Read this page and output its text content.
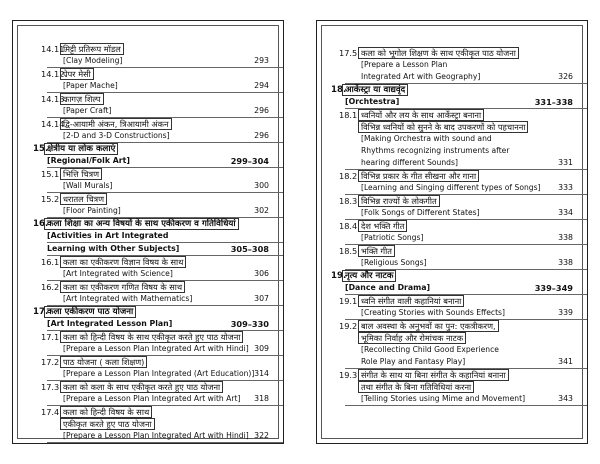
14.11.
मिट्टी प्रतिरूप मॉडल
[Clay Modeling]	293
14.12.
पेपर मेसी
[Paper Mache]	294
14.13.
कागज़ शिल्प
[Paper Craft]	296
14.14.
द्वि-आयामी अंकन, त्रिआयामी अंकन
[2-D and 3-D Constructions]	296
15.
क्षेत्रीय या लोक कलाएं
[Regional/Folk Art]	299–304
15.1. भित्ति चित्रण
[Wall Murals]	300
15.2. धरातल चित्रण
[Floor Painting]	302
16.
कला शिक्षा का अन्य विषयों के साथ एकीकरण व गतिविधियां
[Activities in Art Integrated
Learning with Other Subjects]	305–308
16.1. कला का एकीकरण विज्ञान विषय के साथ
[Art Integrated with Science]	306
16.2. कला का एकीकरण गणित विषय के साथ
[Art Integrated with Mathematics]	307
17.
कला एकीकरण पाठ योजना
[Art Integrated Lesson Plan]	309–330
17.1. कला को हिन्दी विषय के साथ एकीकृत करते हुए पाठ योजना
[Prepare a Lesson Plan Integrated Art with Hindi] 309
17.2. पाठ योजना ( कला शिक्षण)
[Prepare a Lesson Plan Integrated (Art Education)] 314
17.3. कला को कला के साथ एकीकृत करते हुए पाठ योजना
[Prepare a Lesson Plan Integrated Art with Art] 318
17.4. कला को हिन्दी विषय के साथ
एकीकृत करते हुए पाठ योजना
[Prepare a Lesson Plan Integrated Art with Hindi] 322
17.5. कला को भूगोल शिक्षण के साथ एकीकृत पाठ योजना
[Prepare a Lesson Plan
Integrated Art with Geography]	326
18.
आर्केस्ट्रा या वाद्यवृंद
[Orchtestra]	331–338
18.1. ध्वनियों और लय के साथ आर्केस्ट्रा बनाना
विभिन्न ध्वनियों को सुनने के बाद उपकरणों को पहचानना
[Making Orchestra with sound and
Rhythms recognizing instruments after
hearing different Sounds]	331
18.2. विभिन्न प्रकार के गीत सीखना और गाना
[Learning and Singing different types of Songs] 333
18.3. विभिन्न राज्यों के लोकगीत
[Folk Songs of Different States]	334
18.4. देश भक्ति गीत
[Patriotic Songs]	338
18.5. भक्ति गीत
[Religious Songs]	338
19.
नृत्य और नाटक
[Dance and Drama]	339–349
19.1. ध्वनि संगीत वाली कहानियां बनाना
[Creating Stories with Sounds Effects]	339
19.2. बाल अवस्था के अनुभवों का पुन: एकत्रीकरण,
भूमिका निर्वाह और रोमांचक नाटक
[Recollecting Child Good Experience
Role Play and Fantasy Play]	341
19.3. संगीत के साथ या बिना संगीत के कहानियां बनाना
तथा संगीत के बिना गतिविधियां करना
[Telling Stories using Mime and Movement]	343
